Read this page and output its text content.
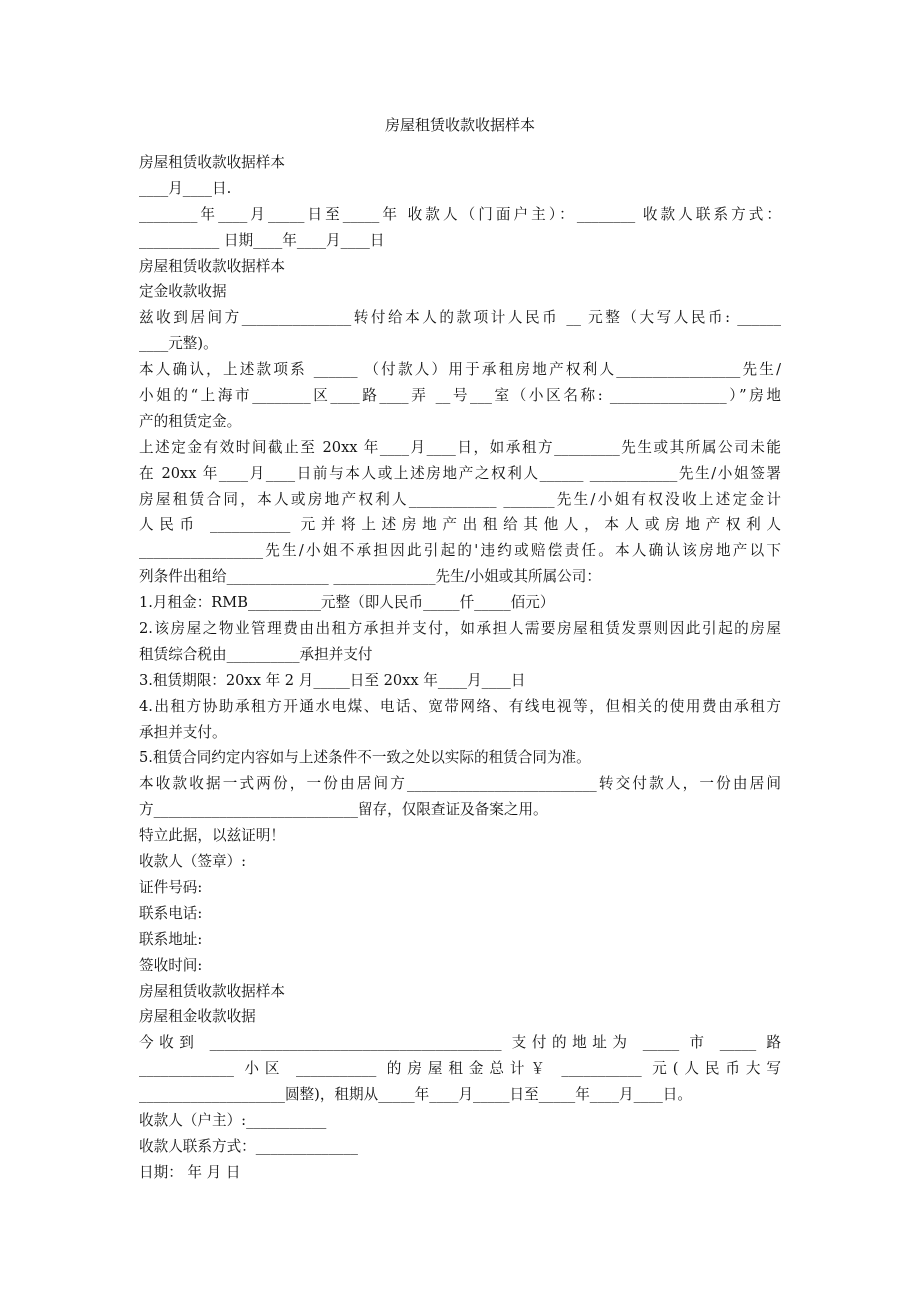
房屋租赁收款收据样本
房屋租赁收款收据样本
____月____日.
________年____月_____日至_____年 收款人（门面户主）：________ 收款人联系方式：
___________ 日期____年____月____日
房屋租赁收款收据样本
定金收款收据
兹收到居间方_______________转付给本人的款项计人民币 __ 元整（大写人民币: ______
____元整)。
本人确认，上述款项系 ______ （付款人）用于承租房地产权利人_________________先生/
小姐的“上海市________区____路____弄 __号___室（小区名称: ________________）”房地
产的租赁定金。
上述定金有效时间截止至 20xx 年____月____日，如承租方_________先生或其所属公司未能
在 20xx 年____月____日前与本人或上述房地产之权利人______ ____________先生/小姐签署
房屋租赁合同，本人或房地产权利人____________ _______先生/小姐有权没收上述定金计
人民币 ___________ 元并将上述房地产出租给其他人，本人或房地产权利人
_________________先生/小姐不承担因此引起的'违约或赔偿责任。本人确认该房地产以下
列条件出租给______________ ______________先生/小姐或其所属公司：
1.月租金：RMB__________元整（即人民币_____仟_____佰元）
2.该房屋之物业管理费由出租方承担并支付，如承担人需要房屋租赁发票则因此引起的房屋
租赁综合税由__________承担并支付
3.租赁期限：20xx 年 2 月_____日至 20xx 年____月____日
4.出租方协助承租方开通水电煤、电话、宽带网络、有线电视等，但相关的使用费由承租方
承担并支付。
5.租赁合同约定内容如与上述条件不一致之处以实际的租赁合同为准。
本收款收据一式两份，一份由居间方__________________________转交付款人，一份由居间
方____________________________留存，仅限查证及备案之用。
特立此据，以兹证明！
收款人（签章）:
证件号码:
联系电话:
联系地址:
签收时间:
房屋租赁收款收据样本
房屋租金收款收据
今收到 ________________________________________ 支付的地址为 _____ 市 _____ 路
_____________ 小区 ___________ 的房屋租金总计￥ ___________ 元(人民币大写
____________________圆整)，租期从_____年____月_____日至_____年____月____日。
收款人（户主）:___________
收款人联系方式：______________
日期： 年 月 日
